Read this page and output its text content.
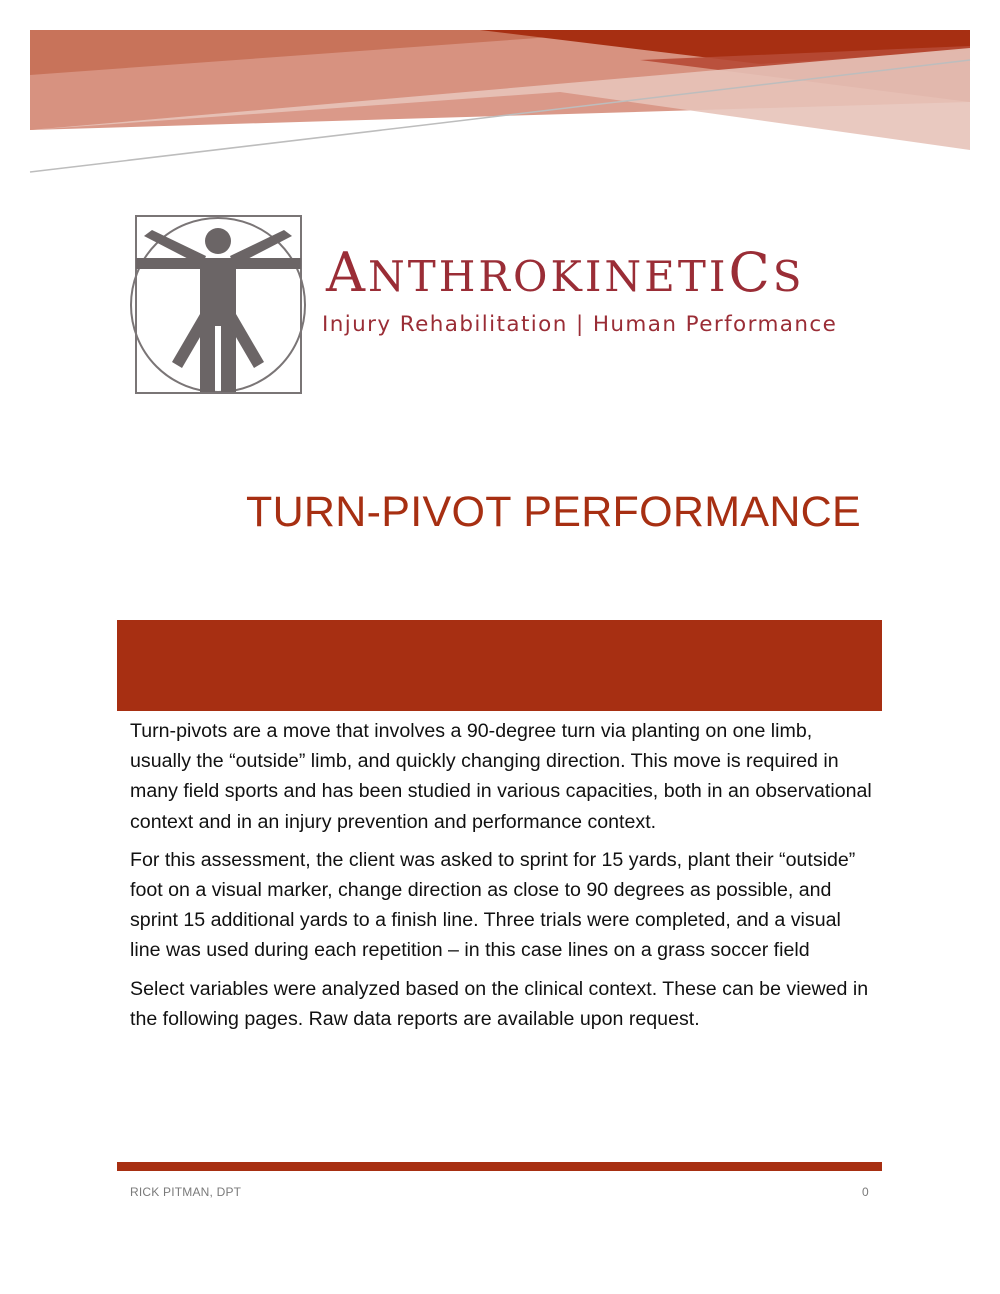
ANTHROKINETICS
Injury Rehabilitation | Human Performance
TURN-PIVOT PERFORMANCE

Turn-pivots are a move that involves a 90-degree turn via planting on one limb, usually the “outside” limb, and quickly changing direction. This move is required in many field sports and has been studied in various capacities, both in an observational context and in an injury prevention and performance context.

For this assessment, the client was asked to sprint for 15 yards, plant their “outside” foot on a visual marker, change direction as close to 90 degrees as possible, and sprint 15 additional yards to a finish line. Three trials were completed, and a visual line was used during each repetition – in this case lines on a grass soccer field

Select variables were analyzed based on the clinical context. These can be viewed in the following pages. Raw data reports are available upon request.

RICK PITMAN, DPT	0
